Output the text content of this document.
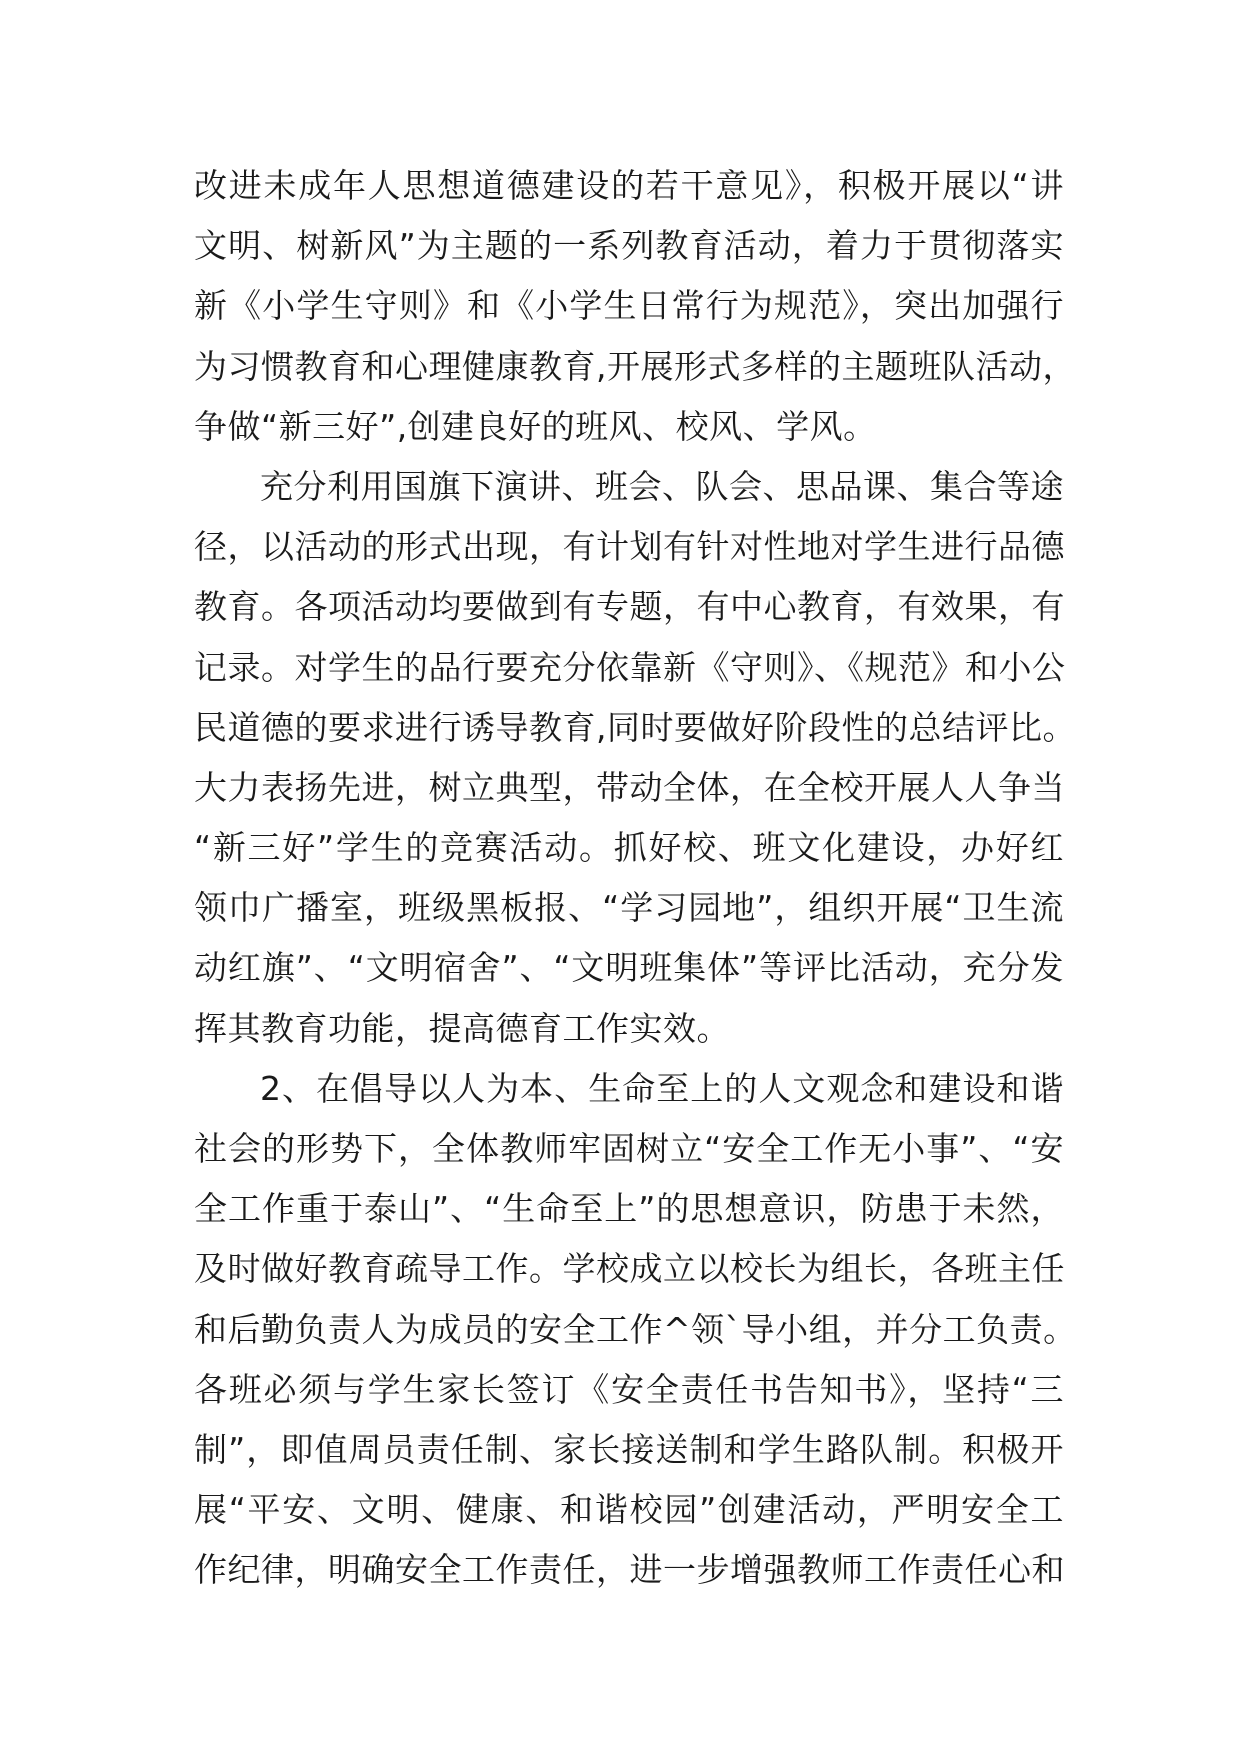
改进未成年人思想道德建设的若干意见》，积极开展以“讲
文明、树新风”为主题的一系列教育活动，着力于贯彻落实
新《小学生守则》和《小学生日常行为规范》，突出加强行
为习惯教育和心理健康教育,开展形式多样的主题班队活动，
争做“新三好”,创建良好的班风、校风、学风。
充分利用国旗下演讲、班会、队会、思品课、集合等途
径，以活动的形式出现，有计划有针对性地对学生进行品德
教育。各项活动均要做到有专题，有中心教育，有效果，有
记录。对学生的品行要充分依靠新《守则》、《规范》和小公
民道德的要求进行诱导教育,同时要做好阶段性的总结评比。
大力表扬先进，树立典型，带动全体，在全校开展人人争当
“新三好”学生的竞赛活动。抓好校、班文化建设，办好红
领巾广播室，班级黑板报、“学习园地”，组织开展“卫生流
动红旗”、“文明宿舍”、“文明班集体”等评比活动，充分发
挥其教育功能，提高德育工作实效。
2、在倡导以人为本、生命至上的人文观念和建设和谐
社会的形势下，全体教师牢固树立“安全工作无小事”、“安
全工作重于泰山”、“生命至上”的思想意识，防患于未然，
及时做好教育疏导工作。学校成立以校长为组长，各班主任
和后勤负责人为成员的安全工作^领`导小组，并分工负责。
各班必须与学生家长签订《安全责任书告知书》，坚持“三
制”，即值周员责任制、家长接送制和学生路队制。积极开
展“平安、文明、健康、和谐校园”创建活动，严明安全工
作纪律，明确安全工作责任，进一步增强教师工作责任心和
